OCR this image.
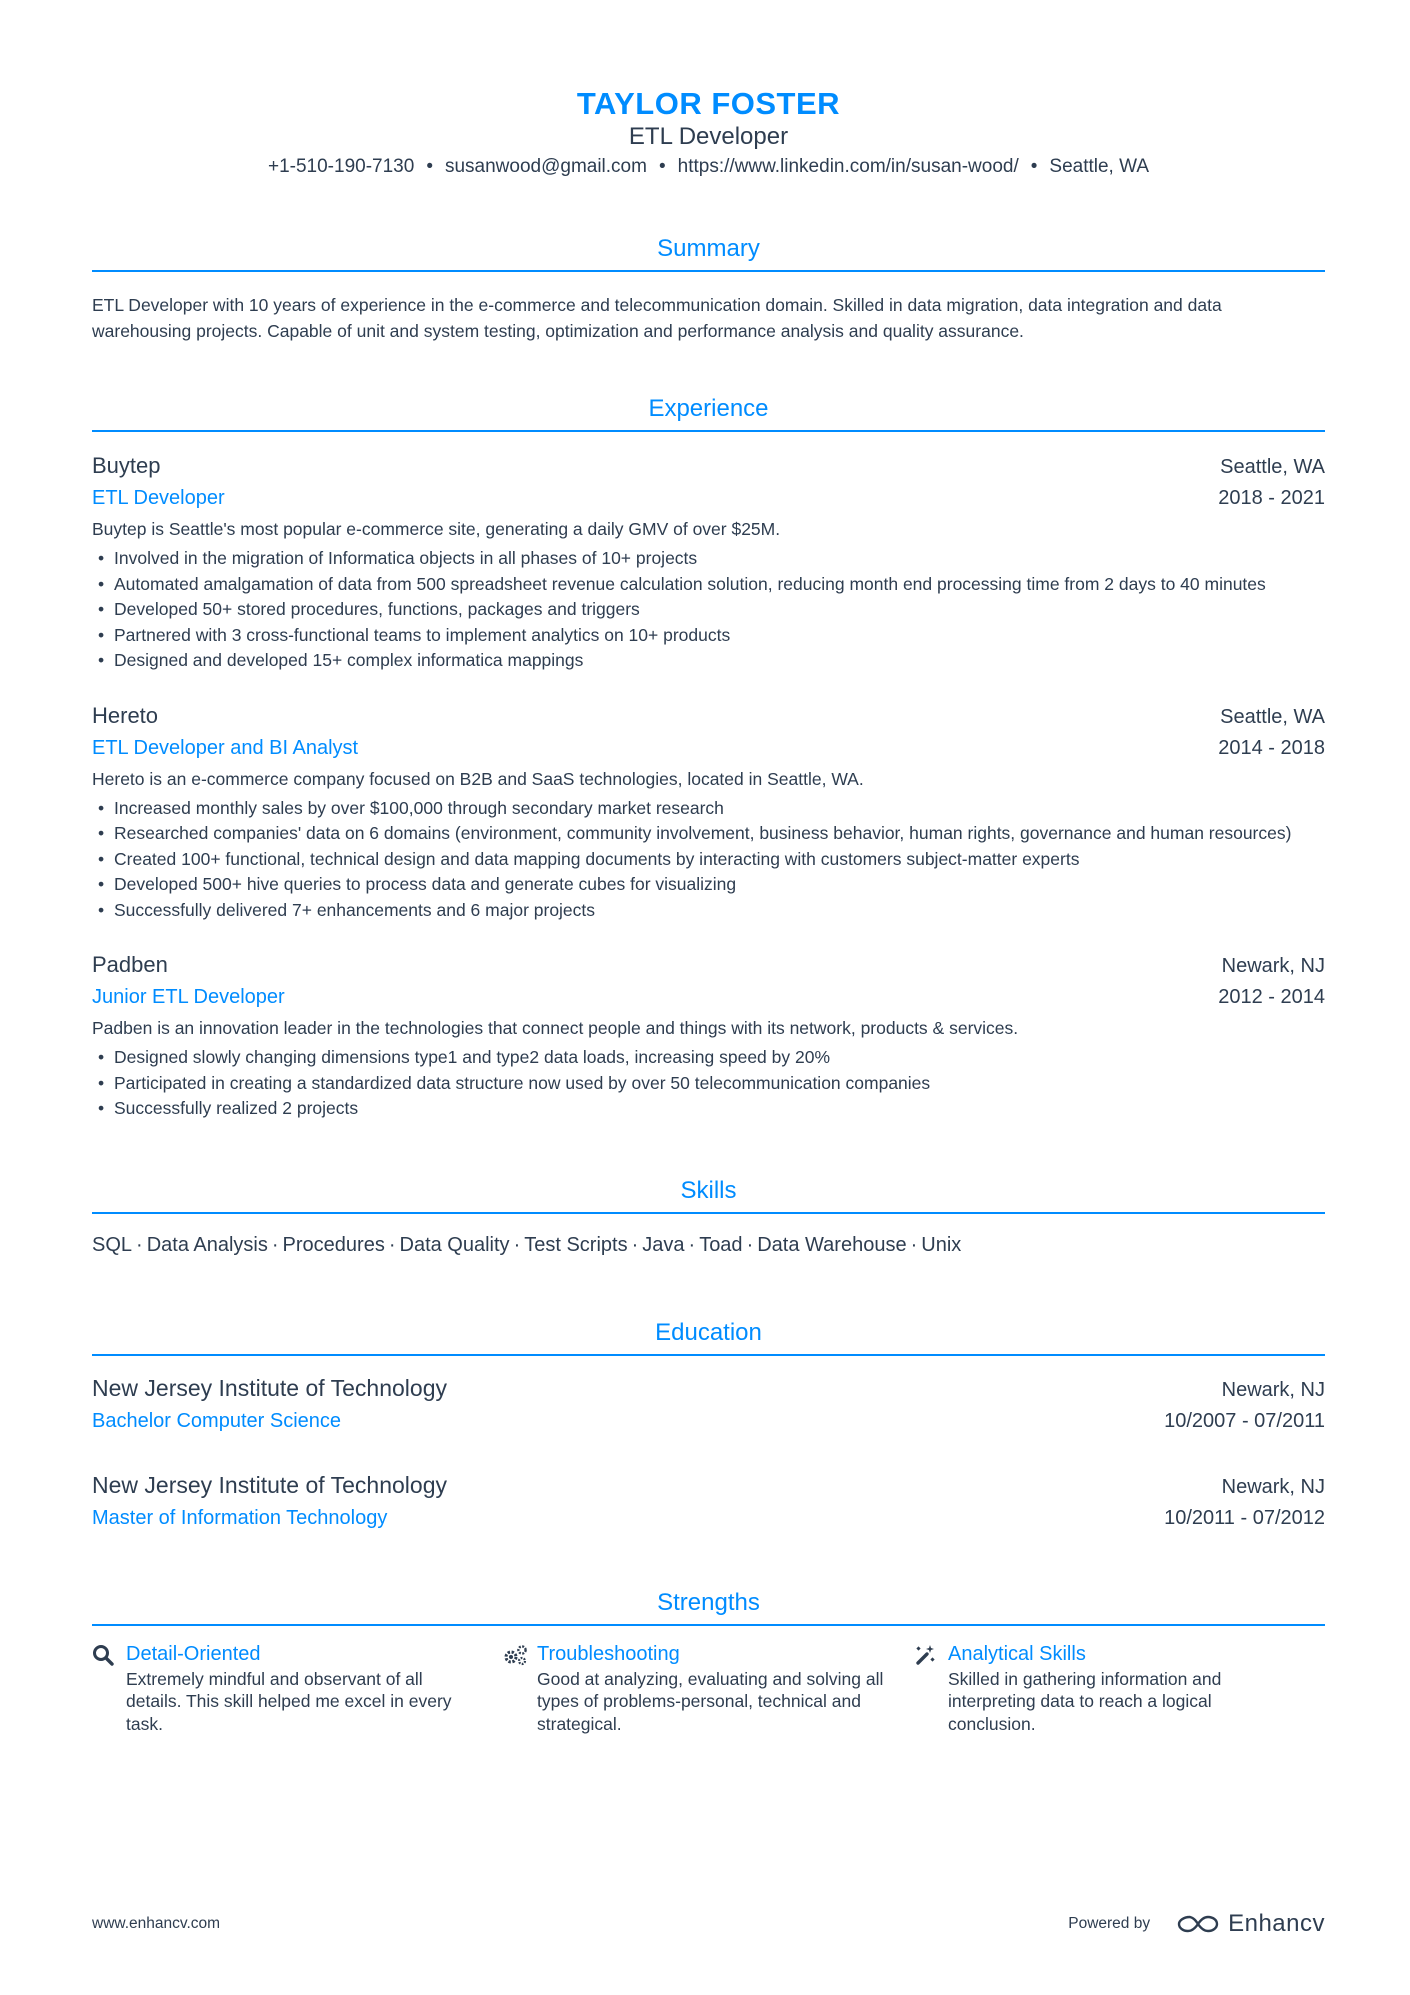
TAYLOR FOSTER
ETL Developer
+1-510-190-7130 • susanwood@gmail.com • https://www.linkedin.com/in/susan-wood/ • Seattle, WA
Summary
ETL Developer with 10 years of experience in the e-commerce and telecommunication domain. Skilled in data migration, data integration and data warehousing projects. Capable of unit and system testing, optimization and performance analysis and quality assurance.
Experience
Buytep	Seattle, WA
ETL Developer	2018 - 2021
Buytep is Seattle's most popular e-commerce site, generating a daily GMV of over $25M.
• Involved in the migration of Informatica objects in all phases of 10+ projects
• Automated amalgamation of data from 500 spreadsheet revenue calculation solution, reducing month end processing time from 2 days to 40 minutes
• Developed 50+ stored procedures, functions, packages and triggers
• Partnered with 3 cross-functional teams to implement analytics on 10+ products
• Designed and developed 15+ complex informatica mappings
Hereto	Seattle, WA
ETL Developer and BI Analyst	2014 - 2018
Hereto is an e-commerce company focused on B2B and SaaS technologies, located in Seattle, WA.
• Increased monthly sales by over $100,000 through secondary market research
• Researched companies' data on 6 domains (environment, community involvement, business behavior, human rights, governance and human resources)
• Created 100+ functional, technical design and data mapping documents by interacting with customers subject-matter experts
• Developed 500+ hive queries to process data and generate cubes for visualizing
• Successfully delivered 7+ enhancements and 6 major projects
Padben	Newark, NJ
Junior ETL Developer	2012 - 2014
Padben is an innovation leader in the technologies that connect people and things with its network, products & services.
• Designed slowly changing dimensions type1 and type2 data loads, increasing speed by 20%
• Participated in creating a standardized data structure now used by over 50 telecommunication companies
• Successfully realized 2 projects
Skills
SQL · Data Analysis · Procedures · Data Quality · Test Scripts · Java · Toad · Data Warehouse · Unix
Education
New Jersey Institute of Technology	Newark, NJ
Bachelor Computer Science	10/2007 - 07/2011
New Jersey Institute of Technology	Newark, NJ
Master of Information Technology	10/2011 - 07/2012
Strengths
Detail-Oriented
Extremely mindful and observant of all details. This skill helped me excel in every task.
Troubleshooting
Good at analyzing, evaluating and solving all types of problems-personal, technical and strategical.
Analytical Skills
Skilled in gathering information and interpreting data to reach a logical conclusion.
www.enhancv.com	Powered by	Enhancv
